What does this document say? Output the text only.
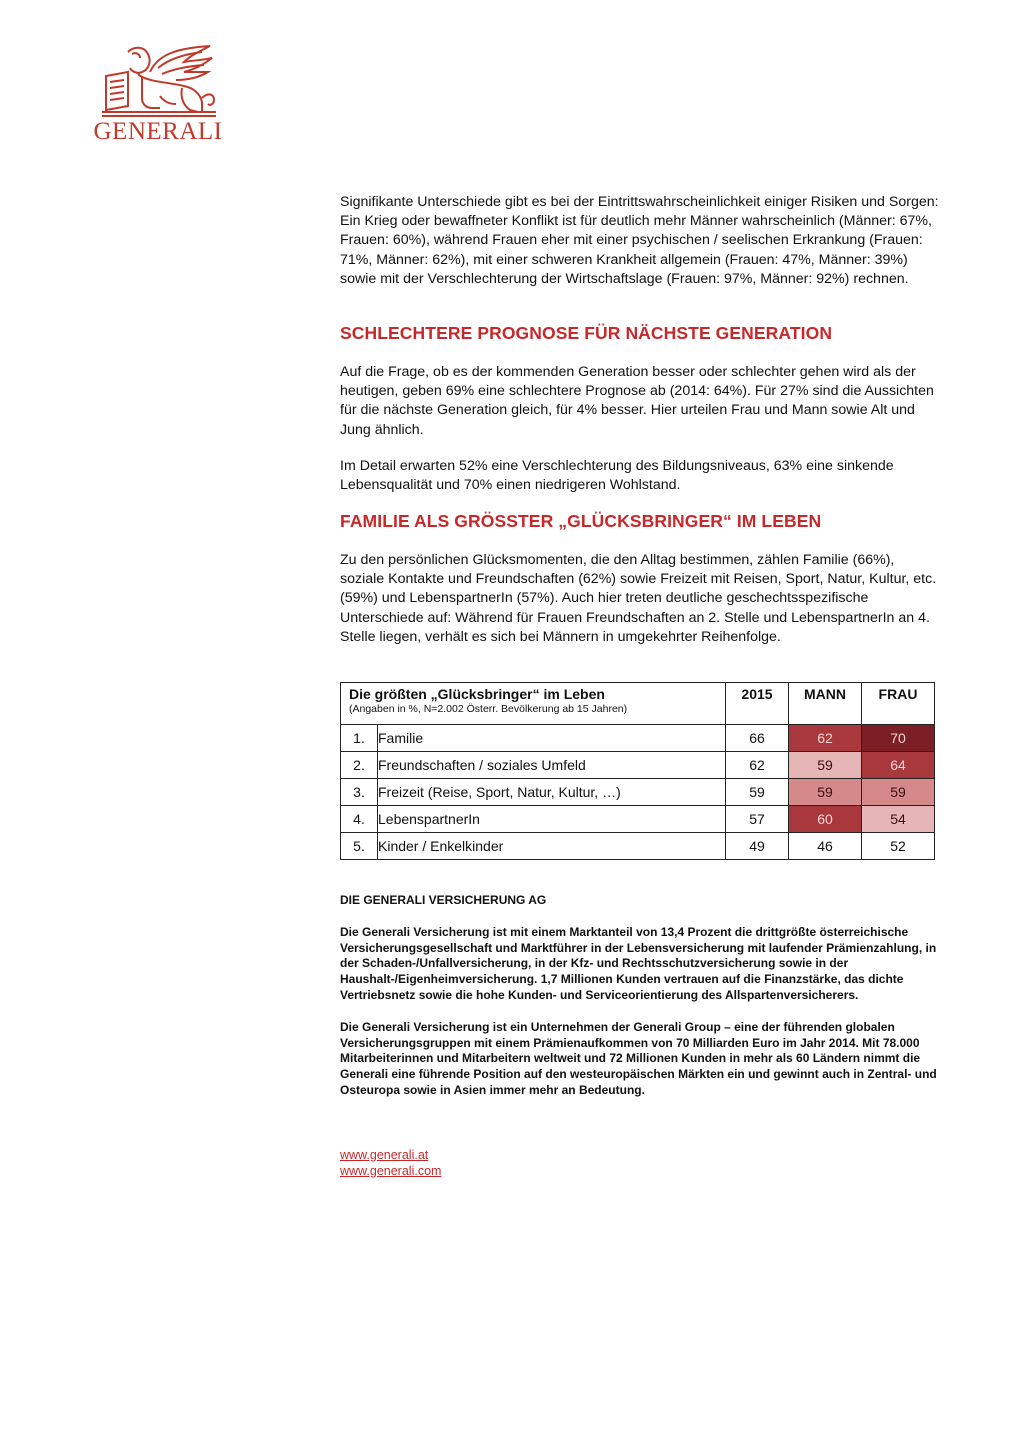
GENERALI

Signifikante Unterschiede gibt es bei der Eintrittswahrscheinlichkeit einiger Risiken und Sorgen: Ein Krieg oder bewaffneter Konflikt ist für deutlich mehr Männer wahrscheinlich (Männer: 67%, Frauen: 60%), während Frauen eher mit einer psychischen / seelischen Erkrankung (Frauen: 71%, Männer: 62%), mit einer schweren Krankheit allgemein (Frauen: 47%, Männer: 39%) sowie mit der Verschlechterung der Wirtschaftslage (Frauen: 97%, Männer: 92%) rechnen.

SCHLECHTERE PROGNOSE FÜR NÄCHSTE GENERATION

Auf die Frage, ob es der kommenden Generation besser oder schlechter gehen wird als der heutigen, geben 69% eine schlechtere Prognose ab (2014: 64%). Für 27% sind die Aussichten für die nächste Generation gleich, für 4% besser. Hier urteilen Frau und Mann sowie Alt und Jung ähnlich.

Im Detail erwarten 52% eine Verschlechterung des Bildungsniveaus, 63% eine sinkende Lebensqualität und 70% einen niedrigeren Wohlstand.

FAMILIE ALS GRÖSSTER „GLÜCKSBRINGER“ IM LEBEN

Zu den persönlichen Glücksmomenten, die den Alltag bestimmen, zählen Familie (66%), soziale Kontakte und Freundschaften (62%) sowie Freizeit mit Reisen, Sport, Natur, Kultur, etc. (59%) und LebenspartnerIn (57%). Auch hier treten deutliche geschechtsspezifische Unterschiede auf: Während für Frauen Freundschaften an 2. Stelle und LebenspartnerIn an 4. Stelle liegen, verhält es sich bei Männern in umgekehrter Reihenfolge.

Die größten „Glücksbringer“ im Leben
(Angaben in %, N=2.002 Österr. Bevölkerung ab 15 Jahren)		2015	MANN	FRAU
1.	Familie	66	62	70
2.	Freundschaften / soziales Umfeld	62	59	64
3.	Freizeit (Reise, Sport, Natur, Kultur, …)	59	59	59
4.	LebenspartnerIn	57	60	54
5.	Kinder / Enkelkinder	49	46	52
DIE GENERALI VERSICHERUNG AG

Die Generali Versicherung ist mit einem Marktanteil von 13,4 Prozent die drittgrößte österreichische Versicherungsgesellschaft und Marktführer in der Lebensversicherung mit laufender Prämienzahlung, in der Schaden-/Unfallversicherung, in der Kfz- und Rechtsschutzversicherung sowie in der Haushalt-/Eigenheimversicherung. 1,7 Millionen Kunden vertrauen auf die Finanzstärke, das dichte Vertriebsnetz sowie die hohe Kunden- und Serviceorientierung des Allspartenversicherers.

Die Generali Versicherung ist ein Unternehmen der Generali Group – eine der führenden globalen Versicherungsgruppen mit einem Prämienaufkommen von 70 Milliarden Euro im Jahr 2014. Mit 78.000 Mitarbeiterinnen und Mitarbeitern weltweit und 72 Millionen Kunden in mehr als 60 Ländern nimmt die Generali eine führende Position auf den westeuropäischen Märkten ein und gewinnt auch in Zentral- und Osteuropa sowie in Asien immer mehr an Bedeutung.

www.generali.at
www.generali.com
